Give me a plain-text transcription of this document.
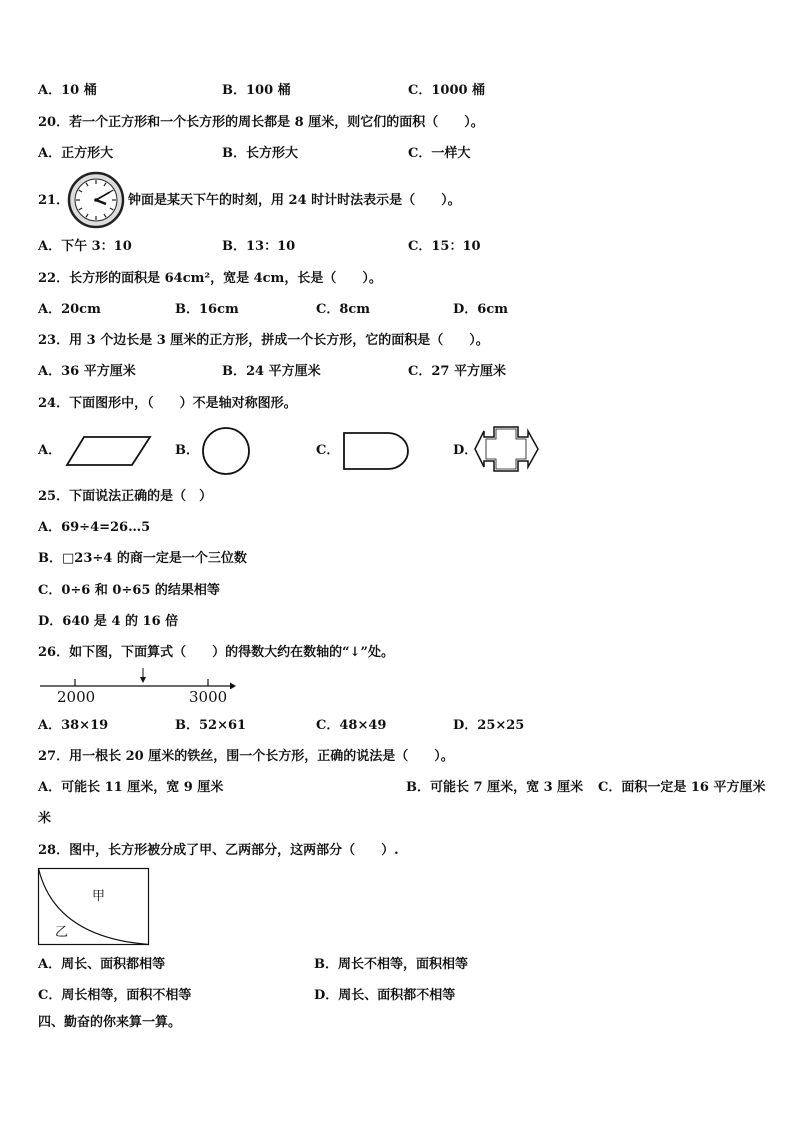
A．10 桶	B．100 桶	C．1000 桶
20．若一个正方形和一个长方形的周长都是 8 厘米，则它们的面积（　　）。
A．正方形大	B．长方形大	C．一样大
21．	钟面是某天下午的时刻，用 24 时计时法表示是（　　）。
A．下午 3：10	B．13：10	C．15：10
22．长方形的面积是 64cm²，宽是 4cm，长是（　　）。
A．20cm	B．16cm	C．8cm	D．6cm
23．用 3 个边长是 3 厘米的正方形，拼成一个长方形，它的面积是（　　）。
A．36 平方厘米	B．24 平方厘米	C．27 平方厘米
24．下面图形中，（　　）不是轴对称图形。
A．	B．	C．	D．
25．下面说法正确的是（　）
A．69÷4=26…5
B．□23÷4 的商一定是一个三位数
C．0÷6 和 0÷65 的结果相等
D．640 是 4 的 16 倍
26．如下图，下面算式（　　）的得数大约在数轴的“↓”处。
2000	3000
A．38×19	B．52×61	C．48×49	D．25×25
27．用一根长 20 厘米的铁丝，围一个长方形，正确的说法是（　　）。
A．可能长 11 厘米，宽 9 厘米	B．可能长 7 厘米，宽 3 厘米 C．面积一定是 16 平方厘米
米
28．图中，长方形被分成了甲、乙两部分，这两部分（　　）.
甲
乙
A．周长、面积都相等	B．周长不相等，面积相等
C．周长相等，面积不相等	D．周长、面积都不相等
四、勤奋的你来算一算。
